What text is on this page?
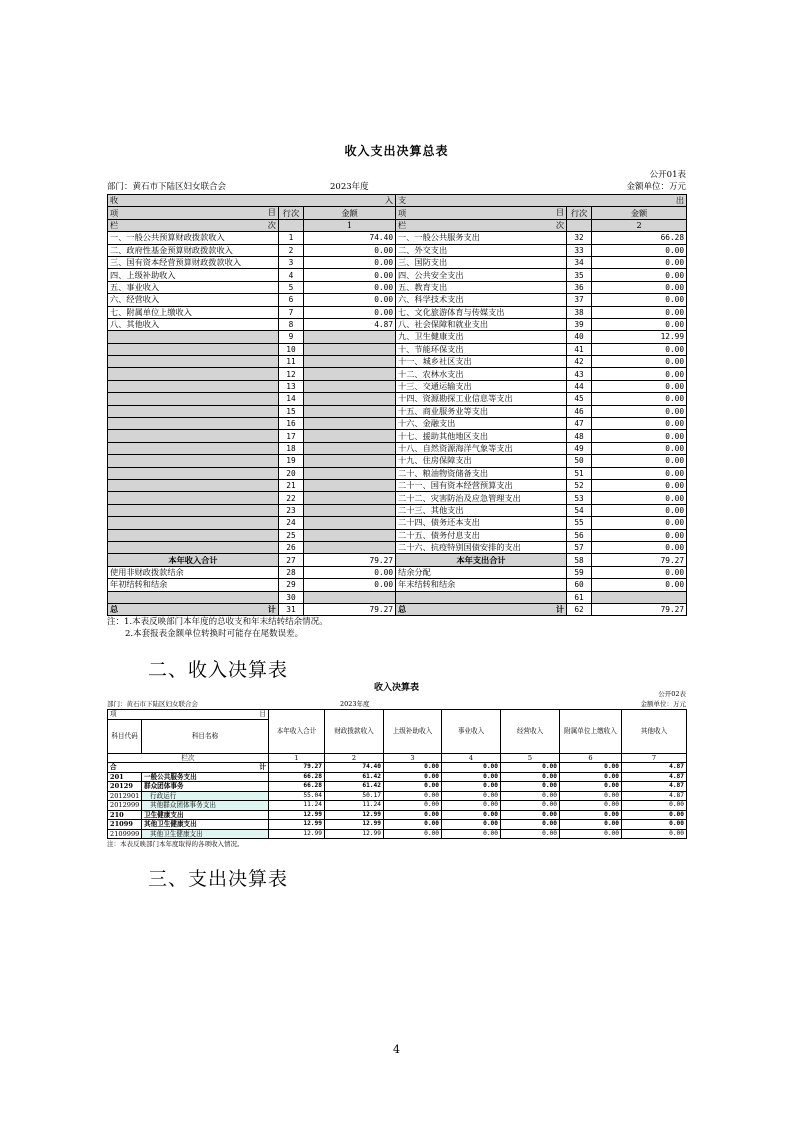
收入支出决算总表
公开01表
部门：黄石市下陆区妇女联合会	2023年度	金额单位：万元
收 入			支 出		

项 目	行次	金额	项 目	行次	金额
栏 次		1	栏 次		2
一、一般公共预算财政拨款收入	1	74.40	一、一般公共服务支出	32	66.28
二、政府性基金预算财政拨款收入	2	0.00	二、外交支出	33	0.00
三、国有资本经营预算财政拨款收入	3	0.00	三、国防支出	34	0.00
四、上级补助收入	4	0.00	四、公共安全支出	35	0.00
五、事业收入	5	0.00	五、教育支出	36	0.00
六、经营收入	6	0.00	六、科学技术支出	37	0.00
七、附属单位上缴收入	7	0.00	七、文化旅游体育与传媒支出	38	0.00
八、其他收入	8	4.87	八、社会保障和就业支出	39	0.00
	9		九、卫生健康支出	40	12.99
	10		十、节能环保支出	41	0.00
	11		十一、城乡社区支出	42	0.00
	12		十二、农林水支出	43	0.00
	13		十三、交通运输支出	44	0.00
	14		十四、资源勘探工业信息等支出	45	0.00
	15		十五、商业服务业等支出	46	0.00
	16		十六、金融支出	47	0.00
	17		十七、援助其他地区支出	48	0.00
	18		十八、自然资源海洋气象等支出	49	0.00
	19		十九、住房保障支出	50	0.00
	20		二十、粮油物资储备支出	51	0.00
	21		二十一、国有资本经营预算支出	52	0.00
	22		二十二、灾害防治及应急管理支出	53	0.00
	23		二十三、其他支出	54	0.00
	24		二十四、债务还本支出	55	0.00
	25		二十五、债务付息支出	56	0.00
	26		二十六、抗疫特别国债安排的支出	57	0.00
本年收入合计	27	79.27	本年支出合计	58	79.27
使用非财政拨款结余	28	0.00	结余分配	59	0.00
年初结转和结余	29	0.00	年末结转和结余	60	0.00
	30			61	
总 计	31	79.27	总 计	62	79.27
注：1.本表反映部门本年度的总收支和年末结转结余情况。
2.本套报表金额单位转换时可能存在尾数误差。
二、收入决算表
收入决算表
公开02表
部门：黄石市下陆区妇女联合会	2023年度	金额单位：万元
项 目		本年收入合计	财政拨款收入	上级补助收入	事业收入	经营收入	附属单位上缴收入	其他收入
科目代码	科目名称							
栏次		1	2	3	4	5	6	7
合 计		79.27	74.40	0.00	0.00	0.00	0.00	4.87
201	一般公共服务支出	66.28	61.42	0.00	0.00	0.00	0.00	4.87
20129	群众团体事务	66.28	61.42	0.00	0.00	0.00	0.00	4.87
2012901	行政运行	55.04	50.17	0.00	0.00	0.00	0.00	4.87
2012999	其他群众团体事务支出	11.24	11.24	0.00	0.00	0.00	0.00	0.00
210	卫生健康支出	12.99	12.99	0.00	0.00	0.00	0.00	0.00
21099	其他卫生健康支出	12.99	12.99	0.00	0.00	0.00	0.00	0.00
2109999	其他卫生健康支出	12.99	12.99	0.00	0.00	0.00	0.00	0.00
注：本表反映部门本年度取得的各项收入情况。
三、支出决算表
4
